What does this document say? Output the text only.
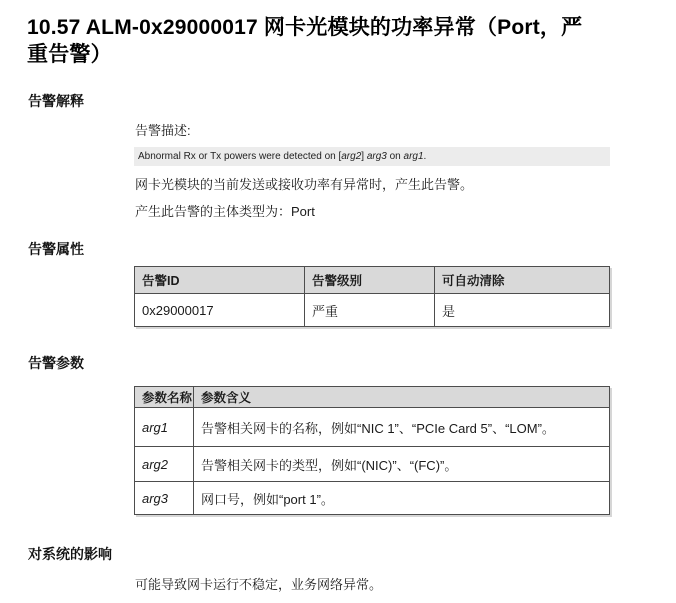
10.57 ALM-0x29000017 网卡光模块的功率异常（Port，严
重告警）
告警解释

告警描述:

Abnormal Rx or Tx powers were detected on [arg2] arg3 on arg1.

网卡光模块的当前发送或接收功率有异常时，产生此告警。

产生此告警的主体类型为：Port

告警属性
告警ID	告警级别	可自动清除
0x29000017	严重	是
告警参数
参数名称	参数含义
arg1	告警相关网卡的名称，例如“NIC 1”、“PCIe Card 5”、“LOM”。
arg2	告警相关网卡的类型，例如“(NIC)”、“(FC)”。
arg3	网口号，例如“port 1”。
对系统的影响

可能导致网卡运行不稳定，业务网络异常。
